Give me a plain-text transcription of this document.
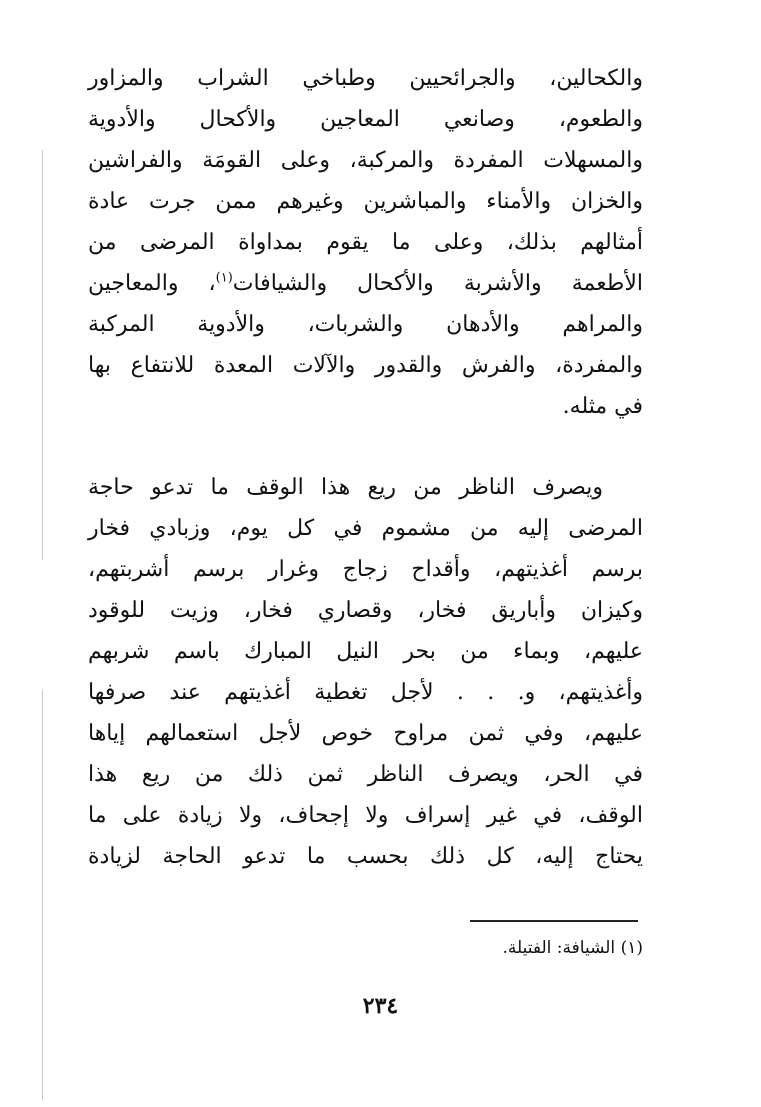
والكحالين، والجرائحيين وطباخي الشراب والمزاور
والطعوم، وصانعي المعاجين والأكحال والأدوية
والمسهلات المفردة والمركبة، وعلى القومَة والفراشين
والخزان والأمناء والمباشرين وغيرهم ممن جرت عادة
أمثالهم بذلك، وعلى ما يقوم بمداواة المرضى من
الأطعمة والأشربة والأكحال والشيافات$^{(١)}$، والمعاجين
والمراهم والأدهان والشربات، والأدوية المركبة
والمفردة، والفرش والقدور والآلات المعدة للانتفاع بها
في مثله.

ويصرف الناظر من ريع هذا الوقف ما تدعو حاجة
المرضى إليه من مشموم في كل يوم، وزبادي فخار
برسم أغذيتهم، وأقداح زجاج وغرار برسم أشربتهم،
وكيزان وأباريق فخار، وقصاري فخار، وزيت للوقود
عليهم، وبماء من بحر النيل المبارك باسم شربهم
وأغذيتهم، و. . . لأجل تغطية أغذيتهم عند صرفها
عليهم، وفي ثمن مراوح خوص لأجل استعمالهم إياها
في الحر، ويصرف الناظر ثمن ذلك من ريع هذا
الوقف، في غير إسراف ولا إجحاف، ولا زيادة على ما
يحتاج إليه، كل ذلك بحسب ما تدعو الحاجة لزيادة

(١) الشيافة: الفتيلة.
٢٣٤
